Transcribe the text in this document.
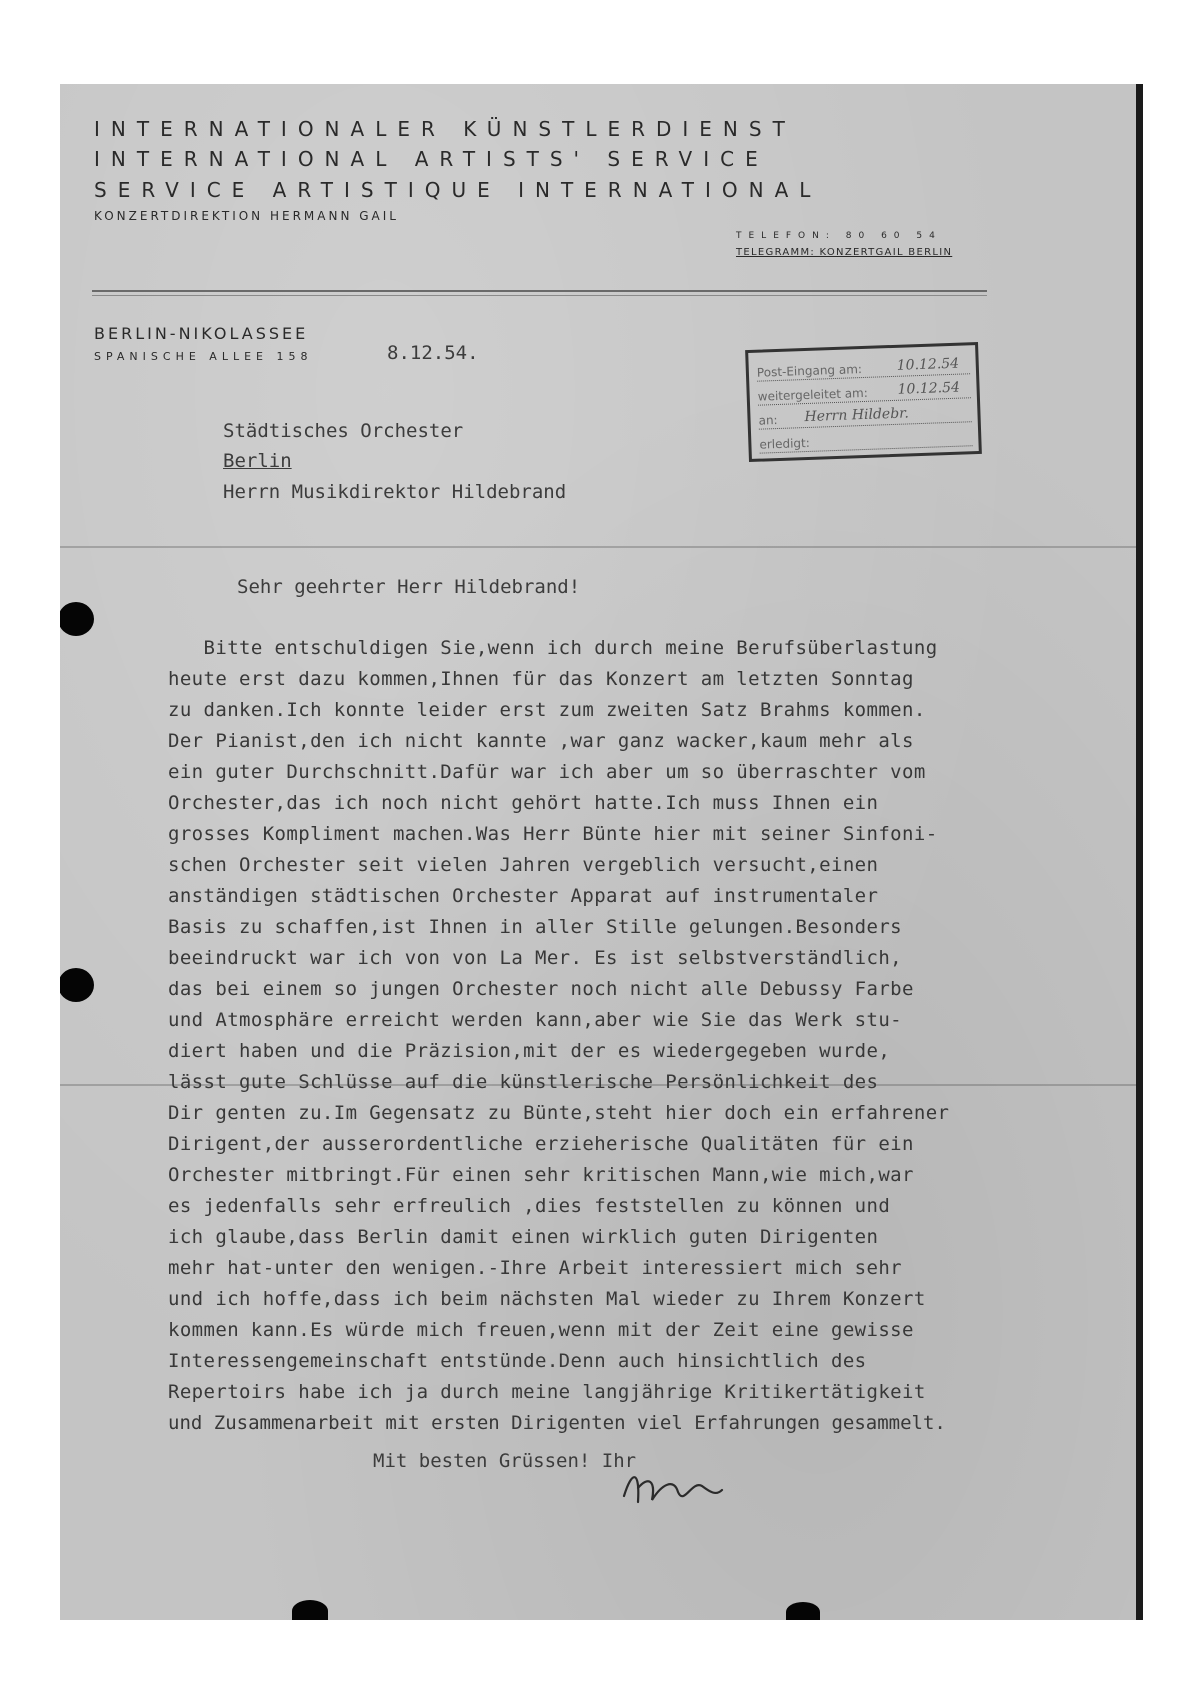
INTERNATIONALER KÜNSTLERDIENST
INTERNATIONAL ARTISTS' SERVICE
SERVICE ARTISTIQUE INTERNATIONAL
KONZERTDIREKTION HERMANN GAIL
TELEFON: 80 60 54
TELEGRAMM: KONZERTGAIL BERLIN
BERLIN-NIKOLASSEE
SPANISCHE ALLEE 158	8.12.54.
Post-Eingang am: 10.12.54
weitergeleitet am: 10.12.54
an: Herrn Hildebr.
erledigt:
Städtisches Orchester
Berlin
Herrn Musikdirektor Hildebrand
Sehr geehrter Herr Hildebrand!
Bitte entschuldigen Sie,wenn ich durch meine Berufsüberlastung
heute erst dazu kommen,Ihnen für das Konzert am letzten Sonntag
zu danken.Ich konnte leider erst zum zweiten Satz Brahms kommen.
Der Pianist,den ich nicht kannte ,war ganz wacker,kaum mehr als
ein guter Durchschnitt.Dafür war ich aber um so überraschter vom
Orchester,das ich noch nicht gehört hatte.Ich muss Ihnen ein
grosses Kompliment machen.Was Herr Bünte hier mit seiner Sinfoni-
schen Orchester seit vielen Jahren vergeblich versucht,einen
anständigen städtischen Orchester Apparat auf instrumentaler
Basis zu schaffen,ist Ihnen in aller Stille gelungen.Besonders
beeindruckt war ich von von La Mer. Es ist selbstverständlich,
das bei einem so jungen Orchester noch nicht alle Debussy Farbe
und Atmosphäre erreicht werden kann,aber wie Sie das Werk stu-
diert haben und die Präzision,mit der es wiedergegeben wurde,
lässt gute Schlüsse auf die künstlerische Persönlichkeit des
Dir genten zu.Im Gegensatz zu Bünte,steht hier doch ein erfahrener
Dirigent,der ausserordentliche erzieherische Qualitäten für ein
Orchester mitbringt.Für einen sehr kritischen Mann,wie mich,war
es jedenfalls sehr erfreulich ,dies feststellen zu können und
ich glaube,dass Berlin damit einen wirklich guten Dirigenten
mehr hat-unter den wenigen.-Ihre Arbeit interessiert mich sehr
und ich hoffe,dass ich beim nächsten Mal wieder zu Ihrem Konzert
kommen kann.Es würde mich freuen,wenn mit der Zeit eine gewisse
Interessengemeinschaft entstünde.Denn auch hinsichtlich des
Repertoirs habe ich ja durch meine langjährige Kritikertätigkeit
und Zusammenarbeit mit ersten Dirigenten viel Erfahrungen gesammelt.
Mit besten Grüssen! Ihr
